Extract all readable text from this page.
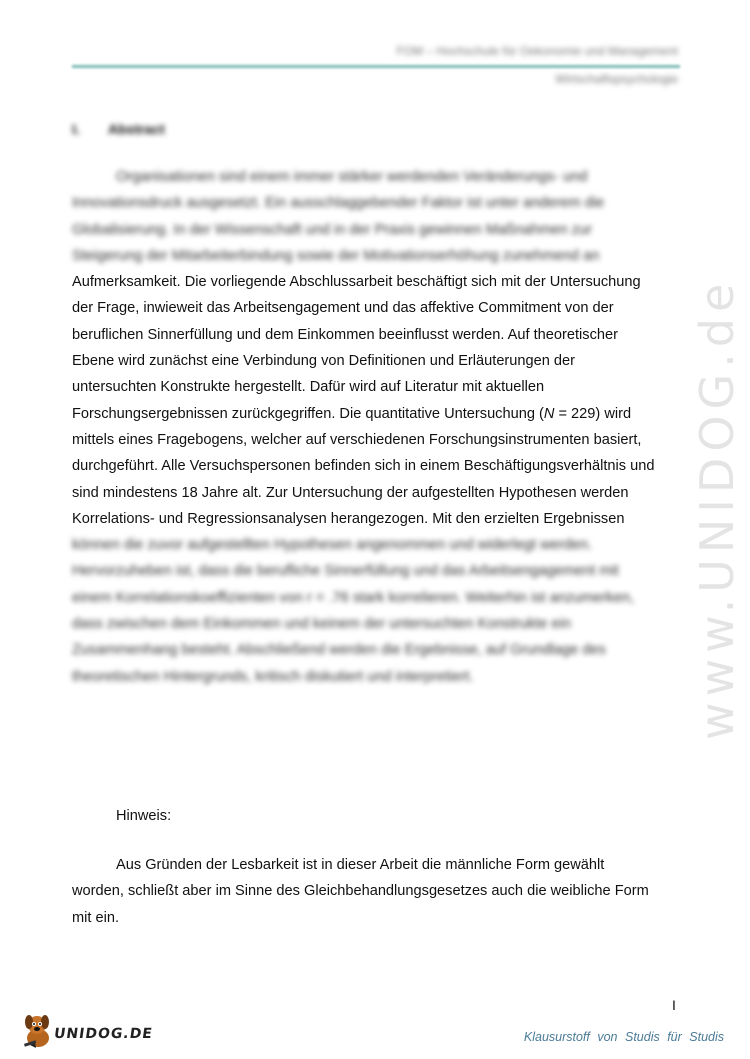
FOM – Hochschule für Oekonomie und Management
Wirtschaftspsychologie
I. Abstract

Organisationen sind einem immer stärker werdenden Veränderungs- und
Innovationsdruck ausgesetzt. Ein ausschlaggebender Faktor ist unter anderem die
Globalisierung. In der Wissenschaft und in der Praxis gewinnen Maßnahmen zur
Steigerung der Mitarbeiterbindung sowie der Motivationserhöhung zunehmend an
Aufmerksamkeit. Die vorliegende Abschlussarbeit beschäftigt sich mit der Untersuchung
der Frage, inwieweit das Arbeitsengagement und das affektive Commitment von der
beruflichen Sinnerfüllung und dem Einkommen beeinflusst werden. Auf theoretischer
Ebene wird zunächst eine Verbindung von Definitionen und Erläuterungen der
untersuchten Konstrukte hergestellt. Dafür wird auf Literatur mit aktuellen
Forschungsergebnissen zurückgegriffen. Die quantitative Untersuchung (N = 229) wird
mittels eines Fragebogens, welcher auf verschiedenen Forschungsinstrumenten basiert,
durchgeführt. Alle Versuchspersonen befinden sich in einem Beschäftigungsverhältnis und
sind mindestens 18 Jahre alt. Zur Untersuchung der aufgestellten Hypothesen werden
Korrelations- und Regressionsanalysen herangezogen. Mit den erzielten Ergebnissen
können die zuvor aufgestellten Hypothesen angenommen und widerlegt werden.
Hervorzuheben ist, dass die berufliche Sinnerfüllung und das Arbeitsengagement mit
einem Korrelationskoeffizienten von r = .76 stark korrelieren. Weiterhin ist anzumerken,
dass zwischen dem Einkommen und keinem der untersuchten Konstrukte ein
Zusammenhang besteht. Abschließend werden die Ergebnisse, auf Grundlage des
theoretischen Hintergrunds, kritisch diskutiert und interpretiert.

Hinweis:

Aus Gründen der Lesbarkeit ist in dieser Arbeit die männliche Form gewählt
worden, schließt aber im Sinne des Gleichbehandlungsgesetzes auch die weibliche Form
mit ein.

I
www.UNIDOG.de
UNIDOG.DE	Klausurstoff von Studis für Studis
